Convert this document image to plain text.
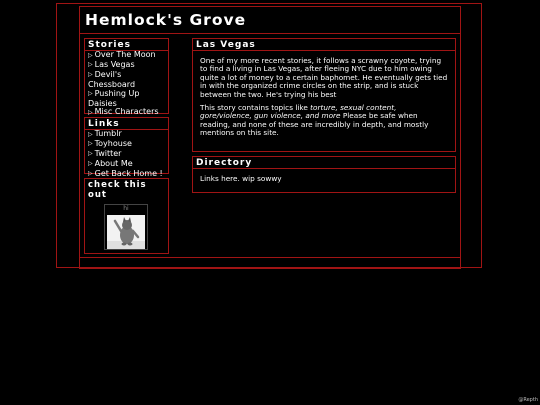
Hemlock's Grove
Stories
▷ Over The Moon
▷ Las Vegas
▷ Devil's Chessboard
▷ Pushing Up Daisies
▷ Misc Characters
Links
▷ Tumblr
▷ Toyhouse
▷ Twitter
▷ About Me
▷ Get Back Home !
check this out
hi
Las Vegas

One of my more recent stories, it follows a scrawny coyote, trying to find a living in Las Vegas, after fleeing NYC due to him owing quite a lot of money to a certain baphomet. He eventually gets tied in with the organized crime circles on the strip, and is stuck between the two. He's trying his best

This story contains topics like torture, sexual content, gore/violence, gun violence, and more Please be safe when reading, and none of these are incredibly in depth, and mostly mentions on this site.

Directory

Links here. wip sowwy

@Repth
